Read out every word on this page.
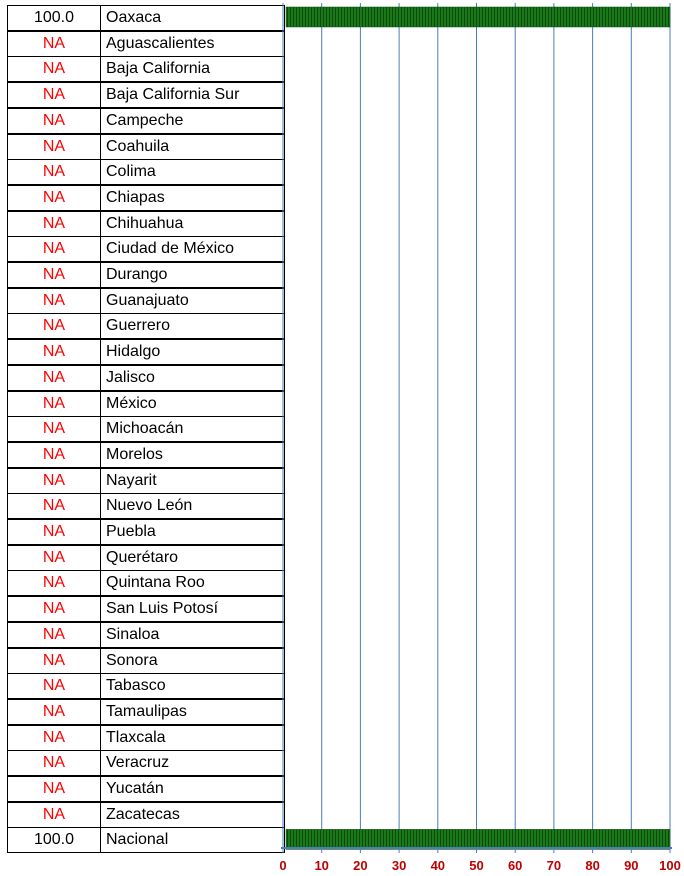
100.0	Oaxaca
NA	Aguascalientes
NA	Baja California
NA	Baja California Sur
NA	Campeche
NA	Coahuila
NA	Colima
NA	Chiapas
NA	Chihuahua
NA	Ciudad de México
NA	Durango
NA	Guanajuato
NA	Guerrero
NA	Hidalgo
NA	Jalisco
NA	México
NA	Michoacán
NA	Morelos
NA	Nayarit
NA	Nuevo León
NA	Puebla
NA	Querétaro
NA	Quintana Roo
NA	San Luis Potosí
NA	Sinaloa
NA	Sonora
NA	Tabasco
NA	Tamaulipas
NA	Tlaxcala
NA	Veracruz
NA	Yucatán
NA	Zacatecas
100.0	Nacional
0 10 20 30 40 50 60 70 80 90 100
